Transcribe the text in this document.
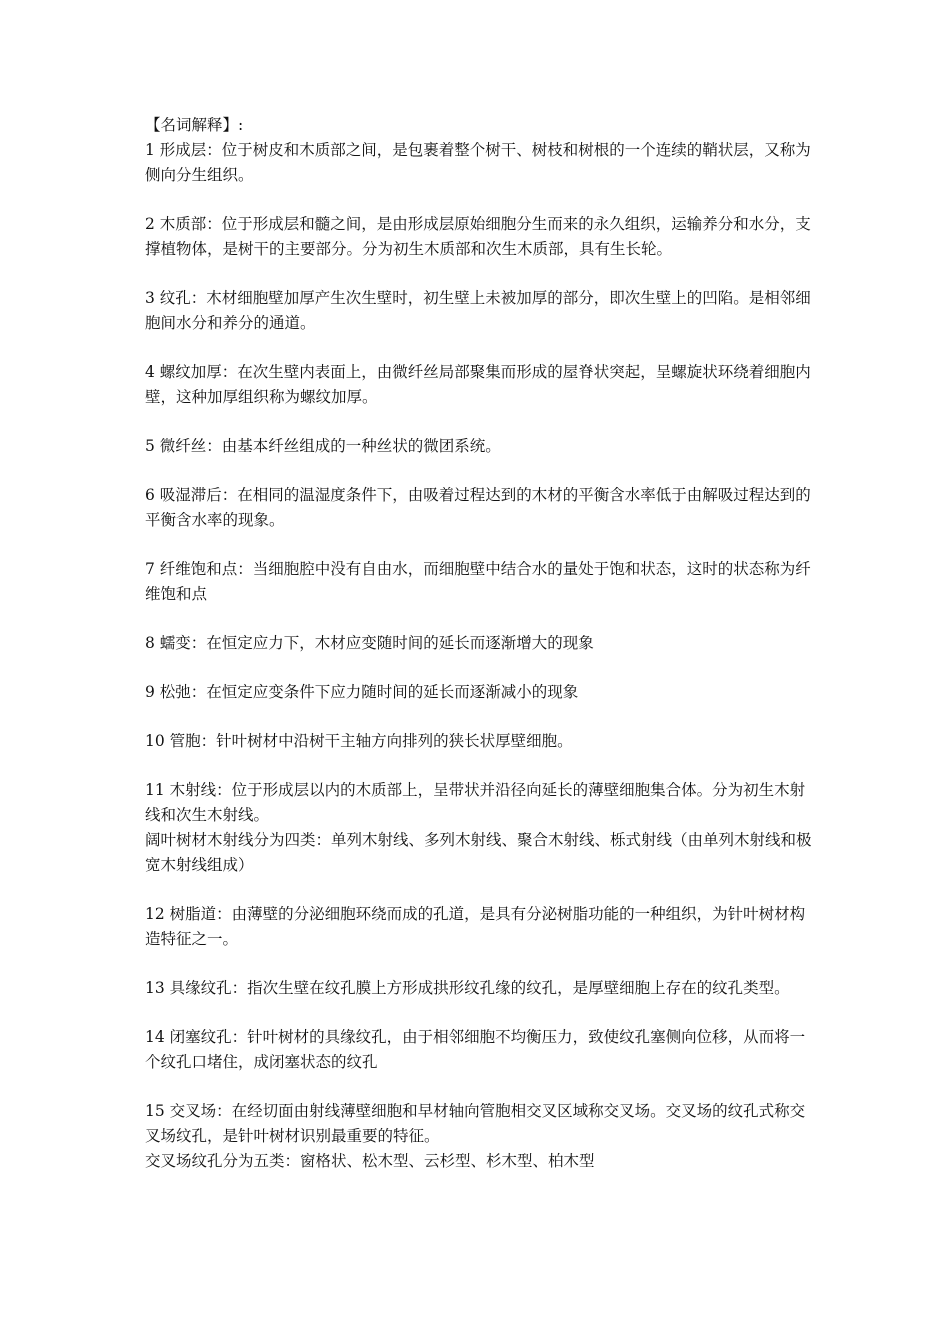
【名词解释】:

1 形成层：位于树皮和木质部之间，是包裹着整个树干、树枝和树根的一个连续的鞘状层，又称为侧向分生组织。

2 木质部：位于形成层和髓之间，是由形成层原始细胞分生而来的永久组织，运输养分和水分，支撑植物体，是树干的主要部分。分为初生木质部和次生木质部，具有生长轮。

3 纹孔：木材细胞壁加厚产生次生壁时，初生壁上未被加厚的部分，即次生壁上的凹陷。是相邻细胞间水分和养分的通道。

4 螺纹加厚：在次生壁内表面上，由微纤丝局部聚集而形成的屋脊状突起，呈螺旋状环绕着细胞内壁，这种加厚组织称为螺纹加厚。

5 微纤丝：由基本纤丝组成的一种丝状的微团系统。

6 吸湿滞后：在相同的温湿度条件下，由吸着过程达到的木材的平衡含水率低于由解吸过程达到的平衡含水率的现象。

7 纤维饱和点：当细胞腔中没有自由水，而细胞壁中结合水的量处于饱和状态，这时的状态称为纤维饱和点

8 蠕变：在恒定应力下，木材应变随时间的延长而逐渐增大的现象

9 松弛：在恒定应变条件下应力随时间的延长而逐渐减小的现象

10 管胞：针叶树材中沿树干主轴方向排列的狭长状厚壁细胞。

11 木射线：位于形成层以内的木质部上，呈带状并沿径向延长的薄壁细胞集合体。分为初生木射线和次生木射线。

阔叶树材木射线分为四类：单列木射线、多列木射线、聚合木射线、栎式射线（由单列木射线和极宽木射线组成）

12 树脂道：由薄壁的分泌细胞环绕而成的孔道，是具有分泌树脂功能的一种组织，为针叶树材构造特征之一。

13 具缘纹孔：指次生壁在纹孔膜上方形成拱形纹孔缘的纹孔，是厚壁细胞上存在的纹孔类型。

14 闭塞纹孔：针叶树材的具缘纹孔，由于相邻细胞不均衡压力，致使纹孔塞侧向位移，从而将一个纹孔口堵住，成闭塞状态的纹孔

15 交叉场：在经切面由射线薄壁细胞和早材轴向管胞相交叉区域称交叉场。交叉场的纹孔式称交叉场纹孔，是针叶树材识别最重要的特征。

交叉场纹孔分为五类：窗格状、松木型、云杉型、杉木型、柏木型
